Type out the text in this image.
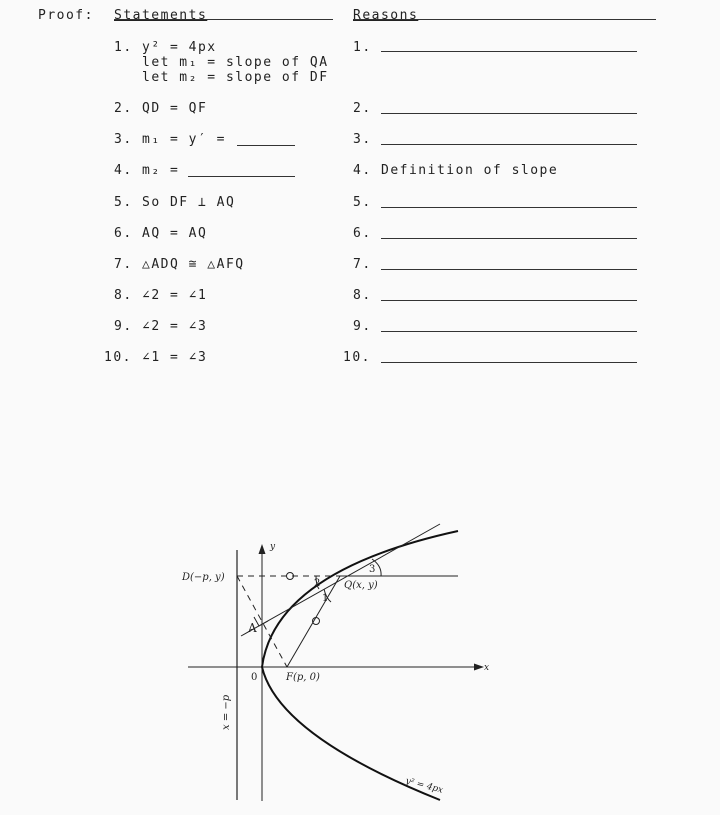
Proof: Statements	Reasons
1. y² = 4px
let m₁ = slope of QA
let m₂ = slope of DF
2. QD = QF
3. m₁ = y′ =
4. m₂ =
5. So DF ⊥ AQ
6. AQ = AQ
7. △ADQ ≅ △AFQ
8. ∠2 = ∠1
9. ∠2 = ∠3
10. ∠1 = ∠3
1.
2.
3.
4. Definition of slope
5.
6.
7.
8.
9.
10.
x
y
x = −p
y² = 4px
2
1
3
D(−p, y)
Q(x, y)
F(p, 0)
A
0
